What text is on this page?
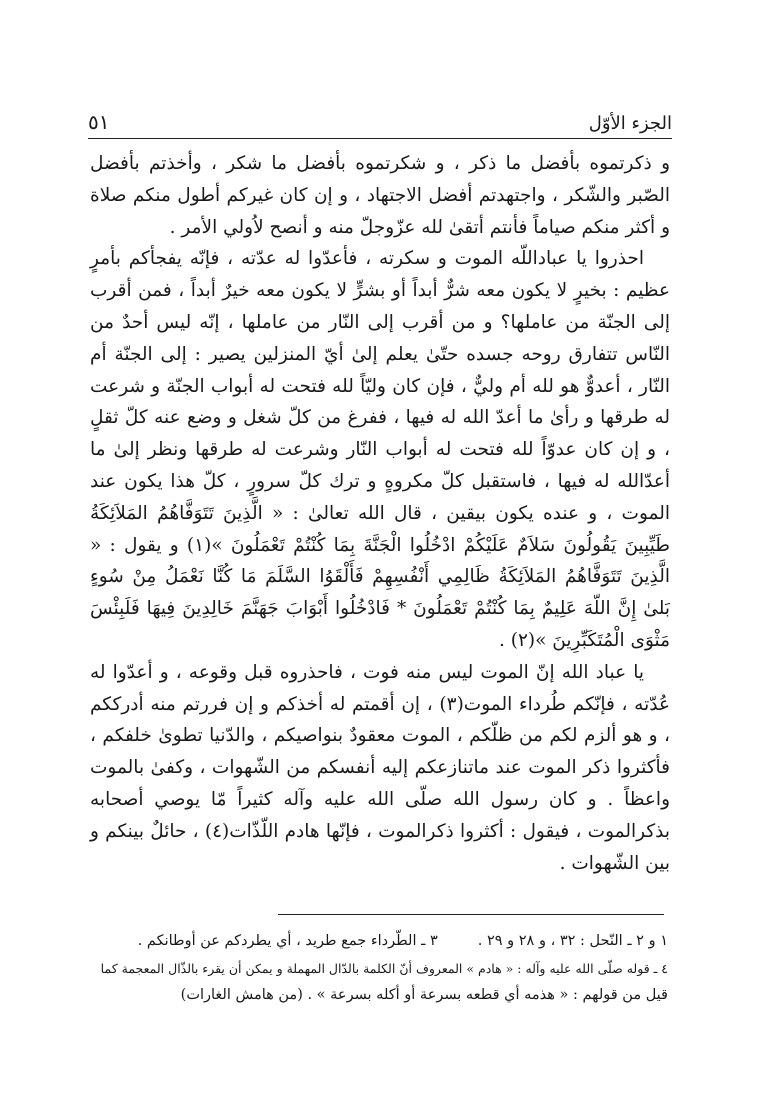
الجزء الأوّل
٥١

و ذكرتموه بأفضل ما ذكر ، و شكرتموه بأفضل ما شكر ، وأخذتم بأفضل الصّبر والشّكر ، واجتهدتم أفضل الاجتهاد ، و إن كان غيركم أطول منكم صلاة و أكثر منكم صياماً فأنتم أتقىٰ لله عزّوجلّ منه و أنصح لاُولي الأمر .

احذروا يا عباداللّه الموت و سكرته ، فأعدّوا له عدّته ، فإنّه يفجأكم بأمرٍ عظيم : بخيرٍ لا يكون معه شرٌّ أبداً أو بشرٍّ لا يكون معه خيرٌ أبداً ، فمن أقرب إلى الجنّة من عاملها؟ و من أقرب إلى النّار من عاملها ، إنّه ليس أحدٌ من النّاس تتفارق روحه جسده حتّىٰ يعلم إلىٰ أيّ المنزلين يصير : إلى الجنّة أم النّار ، أعدوٌّ هو لله أم وليٌّ ، فإن كان وليّاً لله فتحت له أبواب الجنّة و شرعت له طرقها و رأىٰ ما أعدّ الله له فيها ، ففرغ من كلّ شغل و وضع عنه كلّ ثقلٍ ، و إن كان عدوّاً لله فتحت له أبواب النّار وشرعت له طرقها ونظر إلىٰ ما أعدّالله له فيها ، فاستقبل كلّ مكروهٍ و ترك كلّ سرورٍ ، كلّ هذا يكون عند الموت ، و عنده يكون بيقين ، قال الله تعالىٰ : « الَّذِينَ تَتَوَفَّاهُمُ المَلاَئِكَةُ طَيِّبِينَ يَقُولُونَ سَلاَمٌ عَلَيْكُمْ ادْخُلُوا الْجَنَّةَ بِمَا كُنْتُمْ تَعْمَلُونَ »(١) و يقول : « الَّذِينَ تَتَوَفَّاهُمُ المَلاَئِكَةُ ظَالِمِي أَنْفُسِهِمْ فَأَلْقَوُا السَّلَمَ مَا كُنَّا نَعْمَلُ مِنْ سُوءٍ بَلىٰ إِنَّ اللّهَ عَلِيمٌ بِمَا كُنْتُمْ تَعْمَلُونَ * فَادْخُلُوا أَبْوَابَ جَهَنَّمَ خَالِدِينَ فِيهَا فَلَبِئْسَ مَثْوَى الْمُتَكَبِّرِينَ »(٢) .

يا عباد الله إنّ الموت ليس منه فوت ، فاحذروه قبل وقوعه ، و أعدّوا له عُدّته ، فإنّكم طُرداء الموت(٣) ، إن أقمتم له أخذكم و إن فررتم منه أدرككم ، و هو ألزم لكم من ظلّكم ، الموت معقودٌ بنواصيكم ، والدّنيا تطوىٰ خلفكم ، فأكثروا ذكر الموت عند ماتنازعكم إليه أنفسكم من الشّهوات ، وكفىٰ بالموت واعظاً . و كان رسول الله صلّى الله عليه وآله كثيراً مّا يوصي أصحابه بذكرالموت ، فيقول : أكثروا ذكرالموت ، فإنّها هادم اللّذّات(٤) ، حائلٌ بينكم و بين الشّهوات .

١ و ٢ ـ النّحل : ٣٢ ، و ٢٨ و ٢٩ .٣ ـ الطّرداء جمع طريد ، أي يطردكم عن أوطانكم .

٤ ـ قوله صلّى الله عليه وآله : « هادم » المعروف أنّ الكلمة بالدّال المهملة و يمكن أن يقرء بالذّال المعجمة كما

قيل من قولهم : « هذمه أي قطعه بسرعة أو أكله بسرعة » . (من هامش الغارات)
